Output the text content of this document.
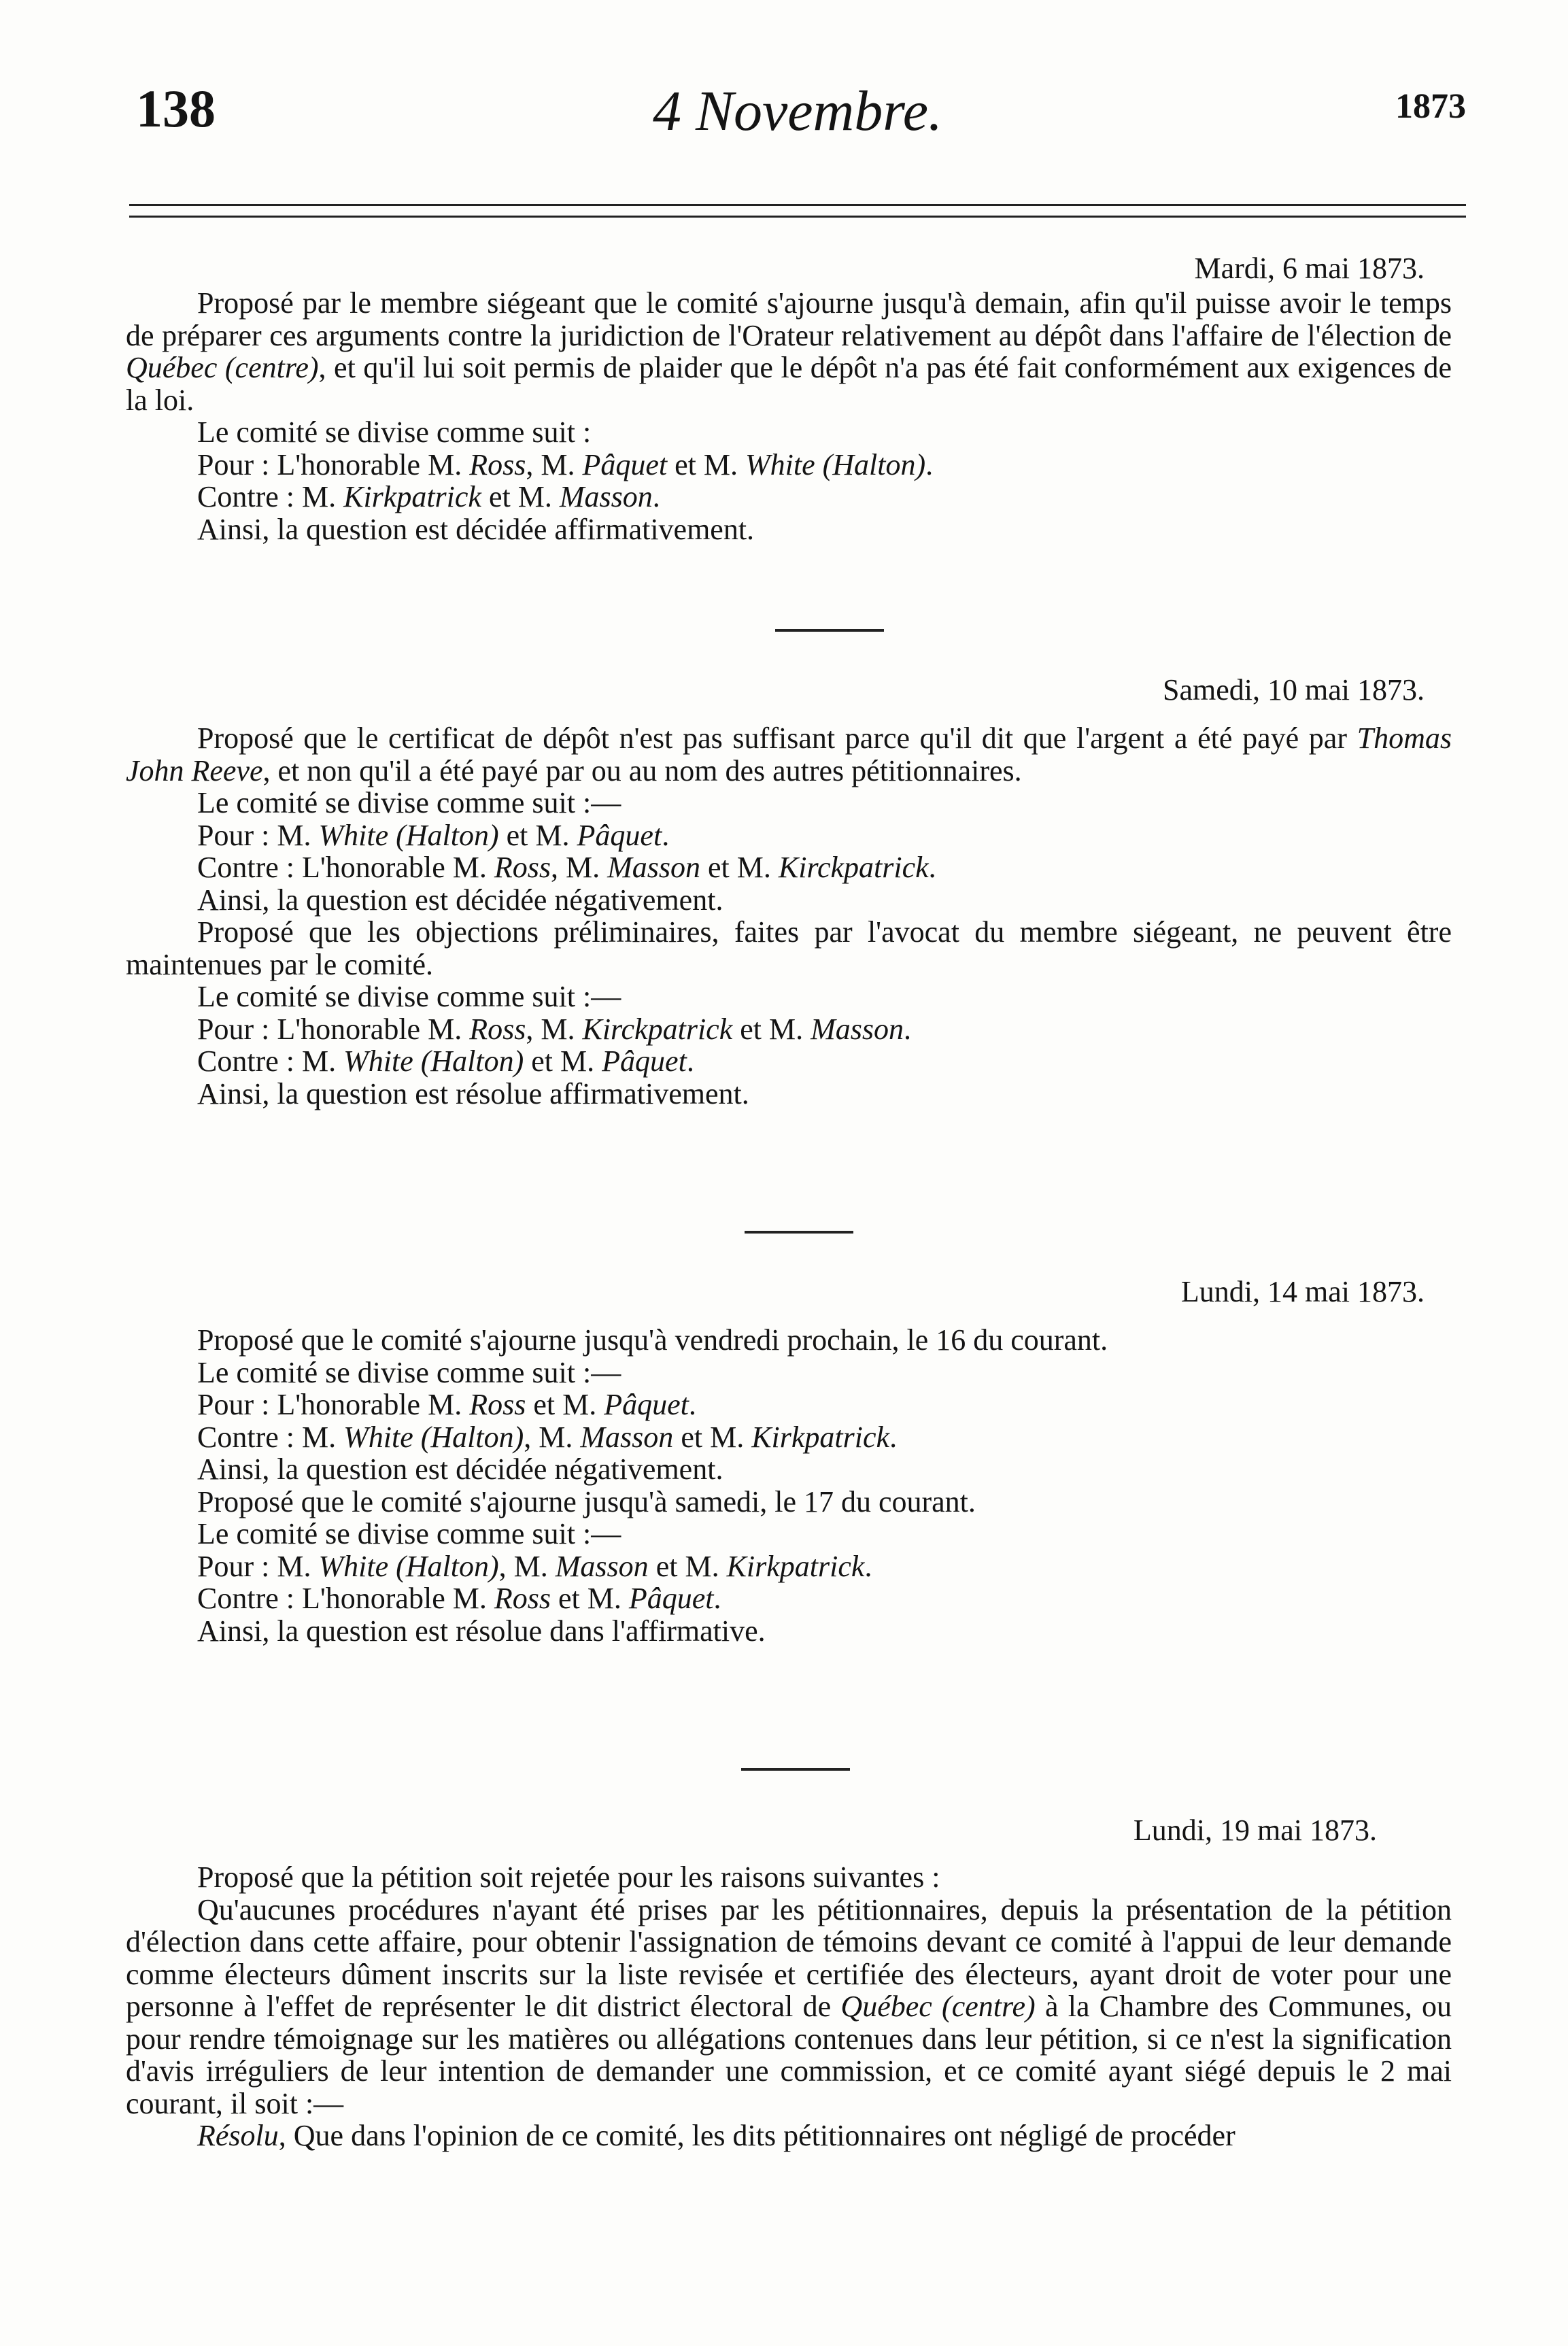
138	4 Novembre.	1873
Mardi, 6 mai 1873.

Proposé par le membre siégeant que le comité s'ajourne jusqu'à demain, afin qu'il puisse avoir le temps de préparer ces arguments contre la juridiction de l'Orateur relativement au dépôt dans l'affaire de l'élection de Québec (centre), et qu'il lui soit permis de plaider que le dépôt n'a pas été fait conformément aux exigences de la loi.

Le comité se divise comme suit :

Pour : L'honorable M. Ross, M. Pâquet et M. White (Halton).

Contre : M. Kirkpatrick et M. Masson.

Ainsi, la question est décidée affirmativement.

Samedi, 10 mai 1873.

Proposé que le certificat de dépôt n'est pas suffisant parce qu'il dit que l'argent a été payé par Thomas John Reeve, et non qu'il a été payé par ou au nom des autres pétitionnaires.

Le comité se divise comme suit :—

Pour : M. White (Halton) et M. Pâquet.

Contre : L'honorable M. Ross, M. Masson et M. Kirckpatrick.

Ainsi, la question est décidée négativement.

Proposé que les objections préliminaires, faites par l'avocat du membre siégeant, ne peuvent être maintenues par le comité.

Le comité se divise comme suit :—

Pour : L'honorable M. Ross, M. Kirckpatrick et M. Masson.

Contre : M. White (Halton) et M. Pâquet.

Ainsi, la question est résolue affirmativement.

Lundi, 14 mai 1873.

Proposé que le comité s'ajourne jusqu'à vendredi prochain, le 16 du courant.

Le comité se divise comme suit :—

Pour : L'honorable M. Ross et M. Pâquet.

Contre : M. White (Halton), M. Masson et M. Kirkpatrick.

Ainsi, la question est décidée négativement.

Proposé que le comité s'ajourne jusqu'à samedi, le 17 du courant.

Le comité se divise comme suit :—

Pour : M. White (Halton), M. Masson et M. Kirkpatrick.

Contre : L'honorable M. Ross et M. Pâquet.

Ainsi, la question est résolue dans l'affirmative.

Lundi, 19 mai 1873.

Proposé que la pétition soit rejetée pour les raisons suivantes :

Qu'aucunes procédures n'ayant été prises par les pétitionnaires, depuis la présentation de la pétition d'élection dans cette affaire, pour obtenir l'assignation de témoins devant ce comité à l'appui de leur demande comme électeurs dûment inscrits sur la liste revisée et certifiée des électeurs, ayant droit de voter pour une personne à l'effet de représenter le dit district électoral de Québec (centre) à la Chambre des Communes, ou pour rendre témoignage sur les matières ou allégations contenues dans leur pétition, si ce n'est la signification d'avis irréguliers de leur intention de demander une commission, et ce comité ayant siégé depuis le 2 mai courant, il soit :—

Résolu, Que dans l'opinion de ce comité, les dits pétitionnaires ont négligé de procéder
